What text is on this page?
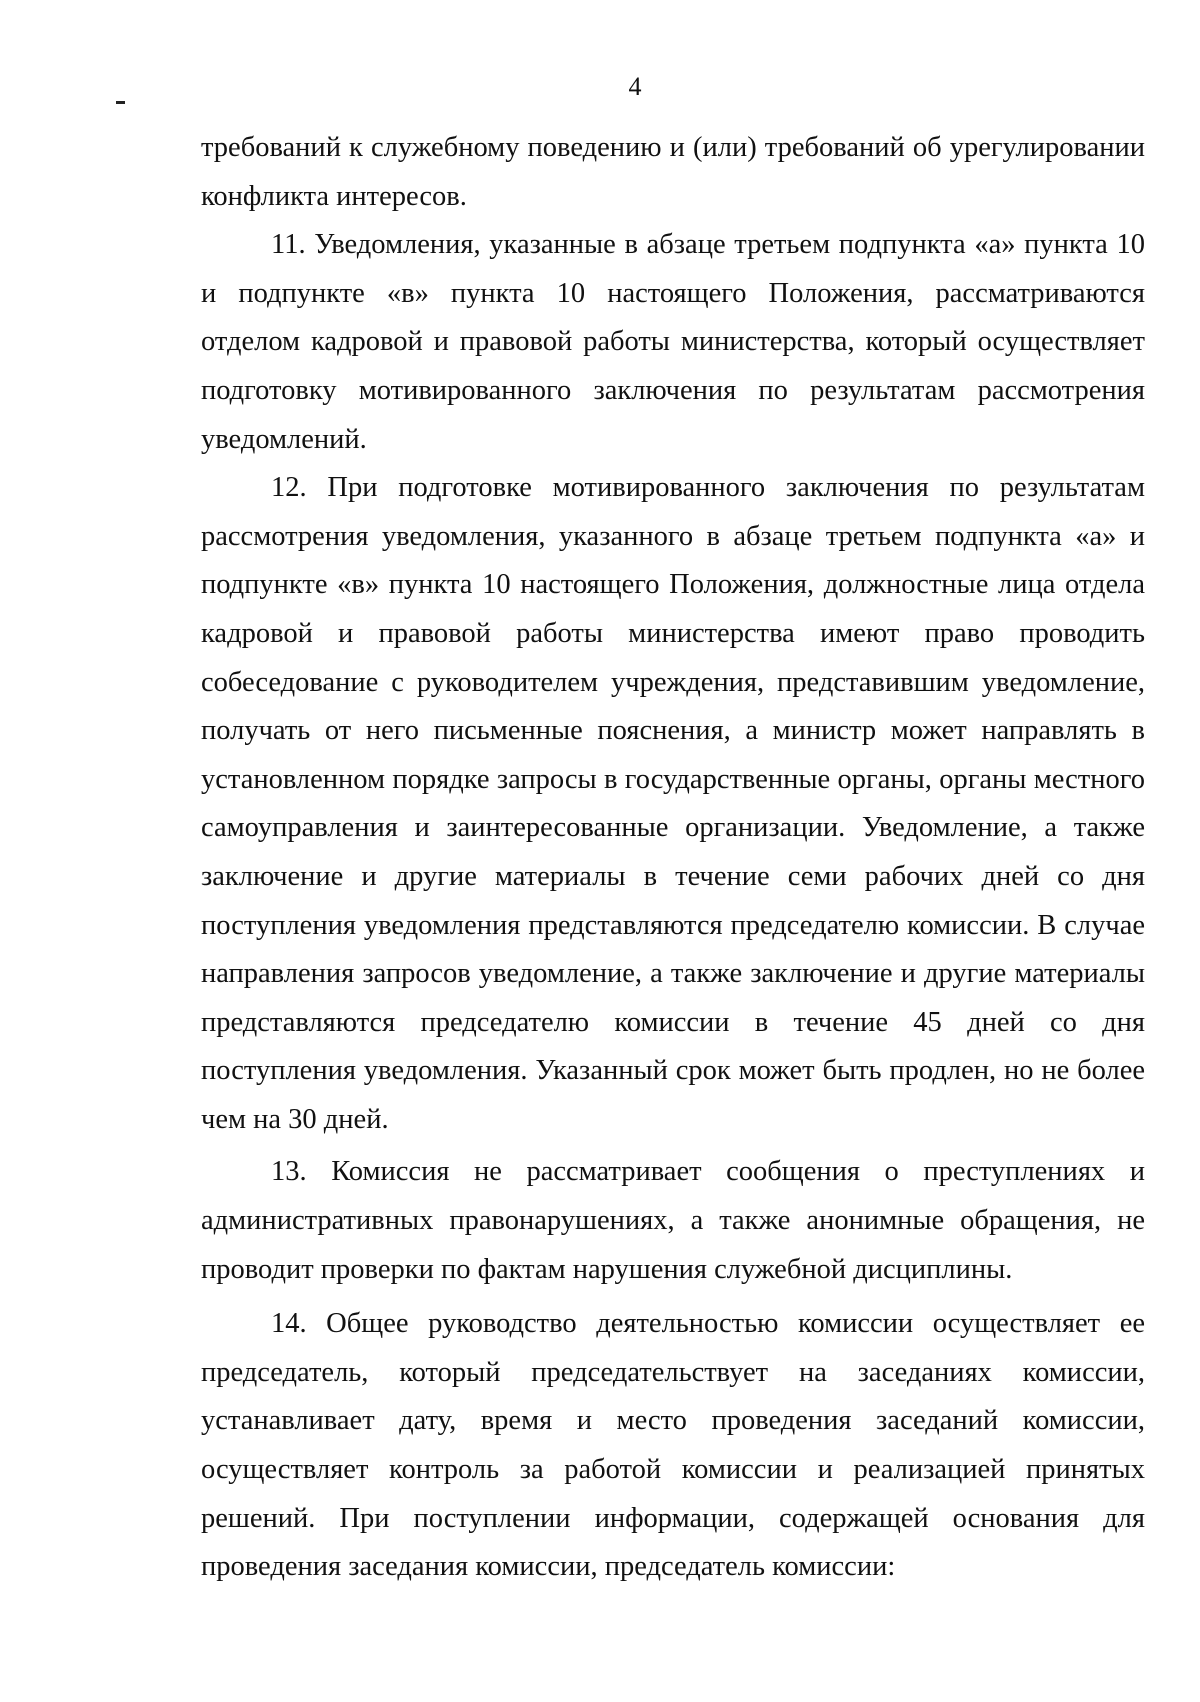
4

требований к служебному поведению и (или) требований об урегулировании конфликта интересов.

11. Уведомления, указанные в абзаце третьем подпункта «а» пункта 10 и подпункте «в» пункта 10 настоящего Положения, рассматриваются отделом кадровой и правовой работы министерства, который осуществляет подготовку мотивированного заключения по результатам рассмотрения уведомлений.

12. При подготовке мотивированного заключения по результатам рассмотрения уведомления, указанного в абзаце третьем подпункта «а» и подпункте «в» пункта 10 настоящего Положения, должностные лица отдела кадровой и правовой работы министерства имеют право проводить собеседование с руководителем учреждения, представившим уведомление, получать от него письменные пояснения, а министр может направлять в установленном порядке запросы в государственные органы, органы местного самоуправления и заинтересованные организации. Уведомление, а также заключение и другие материалы в течение семи рабочих дней со дня поступления уведомления представляются председателю комиссии. В случае направления запросов уведомление, а также заключение и другие материалы представляются председателю комиссии в течение 45 дней со дня поступления уведомления. Указанный срок может быть продлен, но не более чем на 30 дней.

13. Комиссия не рассматривает сообщения о преступлениях и административных правонарушениях, а также анонимные обращения, не проводит проверки по фактам нарушения служебной дисциплины.

14. Общее руководство деятельностью комиссии осуществляет ее председатель, который председательствует на заседаниях комиссии, устанавливает дату, время и место проведения заседаний комиссии, осуществляет контроль за работой комиссии и реализацией принятых решений. При поступлении информации, содержащей основания для проведения заседания комиссии, председатель комиссии:
